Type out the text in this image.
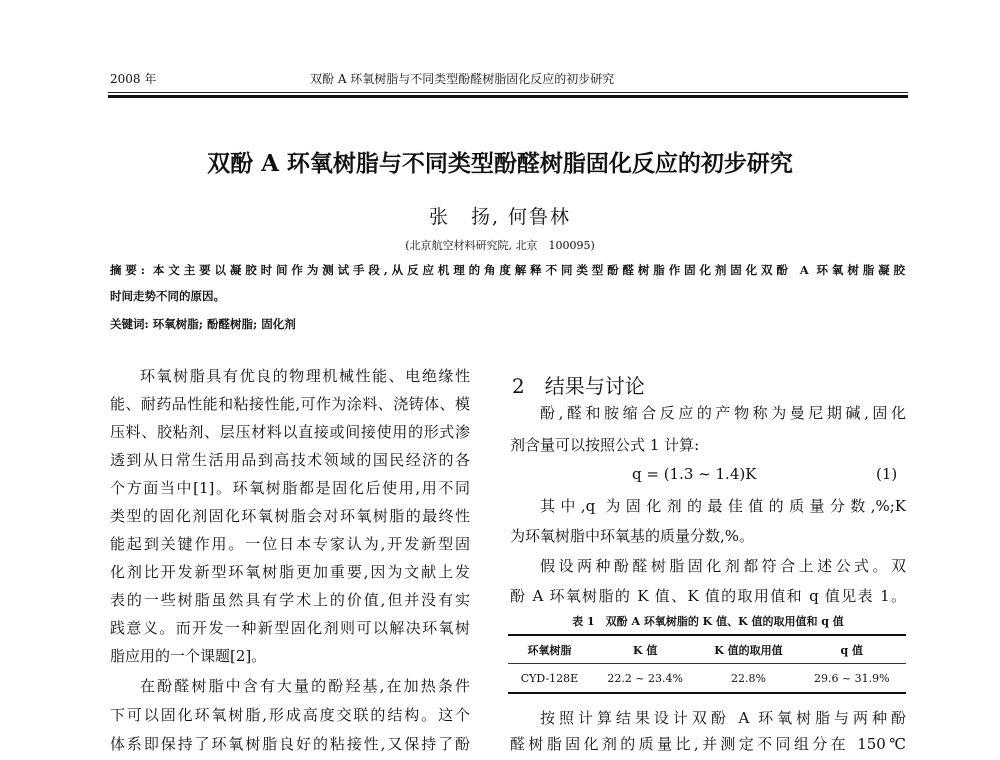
2008 年	双酚 A 环氧树脂与不同类型酚醛树脂固化反应的初步研究
双酚 A 环氧树脂与不同类型酚醛树脂固化反应的初步研究
张　扬, 何鲁林
(北京航空材料研究院, 北京　100095)
摘要: 本文主要以凝胶时间作为测试手段,从反应机理的角度解释不同类型酚醛树脂作固化剂固化双酚 A 环氧树脂凝胶
时间走势不同的原因。
关键词: 环氧树脂; 酚醛树脂; 固化剂
环氧树脂具有优良的物理机械性能、电绝缘性
能、耐药品性能和粘接性能,可作为涂料、浇铸体、模
压料、胶粘剂、层压材料以直接或间接使用的形式渗
透到从日常生活用品到高技术领域的国民经济的各
个方面当中[1]。环氧树脂都是固化后使用,用不同
类型的固化剂固化环氧树脂会对环氧树脂的最终性
能起到关键作用。一位日本专家认为,开发新型固
化剂比开发新型环氧树脂更加重要,因为文献上发
表的一些树脂虽然具有学术上的价值,但并没有实
践意义。而开发一种新型固化剂则可以解决环氧树
脂应用的一个课题[2]。
在酚醛树脂中含有大量的酚羟基,在加热条件
下可以固化环氧树脂,形成高度交联的结构。这个
体系即保持了环氧树脂良好的粘接性,又保持了酚
2　结果与讨论
酚,醛和胺缩合反应的产物称为曼尼期碱,固化
剂含量可以按照公式 1 计算:
q = (1.3 ~ 1.4)K	(1)
其中,q 为固化剂的最佳值的质量分数,%;K
为环氧树脂中环氧基的质量分数,%。
假设两种酚醛树脂固化剂都符合上述公式。双
酚 A 环氧树脂的 K 值、K 值的取用值和 q 值见表 1。
表 1　双酚 A 环氧树脂的 K 值、K 值的取用值和 q 值
环氧树脂	K 值	K 值的取用值	q 值
CYD-128E	22.2 ~ 23.4%	22.8%	29.6 ~ 31.9%
按照计算结果设计双酚 A 环氧树脂与两种酚
醛树脂固化剂的质量比,并测定不同组分在 150℃
